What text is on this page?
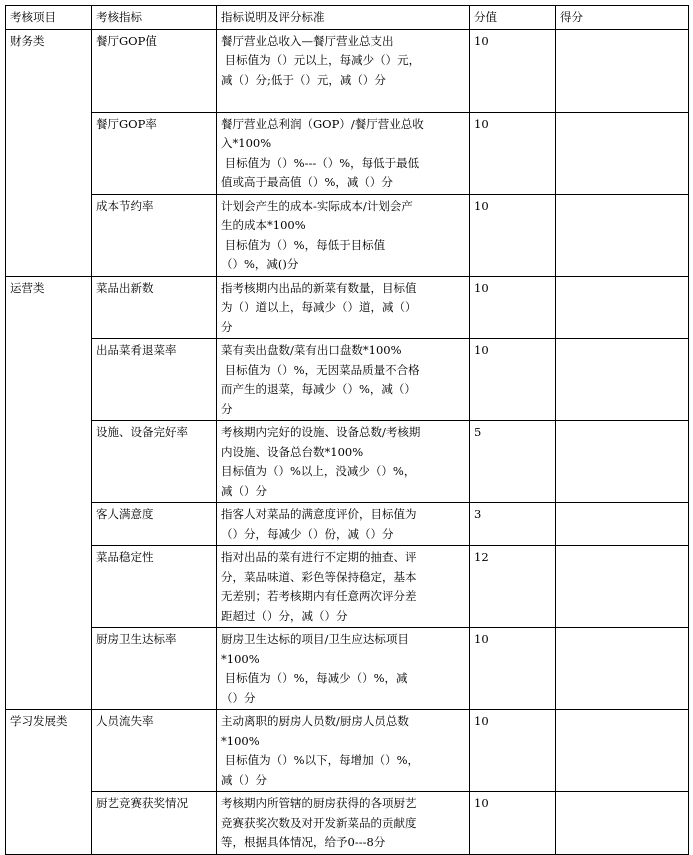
考核项目	考核指标	指标说明及评分标准	分值	得分
财务类	餐厅GOP值	餐厅营业总收入—餐厅营业总支出
目标值为（）元以上，每减少（）元，
减（）分;低于（）元，减（）分	10	
	餐厅GOP率	餐厅营业总利润（GOP）/餐厅营业总收
入*100%
目标值为（）%---（）%，每低于最低
值或高于最高值（）%，减（）分	10	
	成本节约率	计划会产生的成本-实际成本/计划会产
生的成本*100%
目标值为（）%，每低于目标值
（）%，减()分	10	
运营类	菜品出新数	指考核期内出品的新菜有数量，目标值
为（）道以上，每减少（）道，减（）
分	10	
	出品菜肴退菜率	菜有卖出盘数/菜有出口盘数*100%
目标值为（）%，无因菜品质量不合格
而产生的退菜，每减少（）%，减（）
分	10	
	设施、设备完好率	考核期内完好的设施、设备总数/考核期
内设施、设备总台数*100%
目标值为（）%以上，没减少（）%，
减（）分	5	
	客人满意度	指客人对菜品的满意度评价，目标值为
（）分，每减少（）份，减（）分	3	
	菜品稳定性	指对出品的菜有进行不定期的抽查、评
分，菜品味道、彩色等保持稳定，基本
无差别；若考核期内有任意两次评分差
距超过（）分，减（）分	12	
	厨房卫生达标率	厨房卫生达标的项目/卫生应达标项目
*100%
目标值为（）%，每减少（）%，减
（）分	10	
学习发展类	人员流失率	主动离职的厨房人员数/厨房人员总数
*100%
目标值为（）%以下，每增加（）%，
减（）分	10	
	厨艺竞赛获奖情况	考核期内所管辖的厨房获得的各项厨艺
竞赛获奖次数及对开发新菜品的贡献度
等，根据具体情况，给予0---8分	10	
